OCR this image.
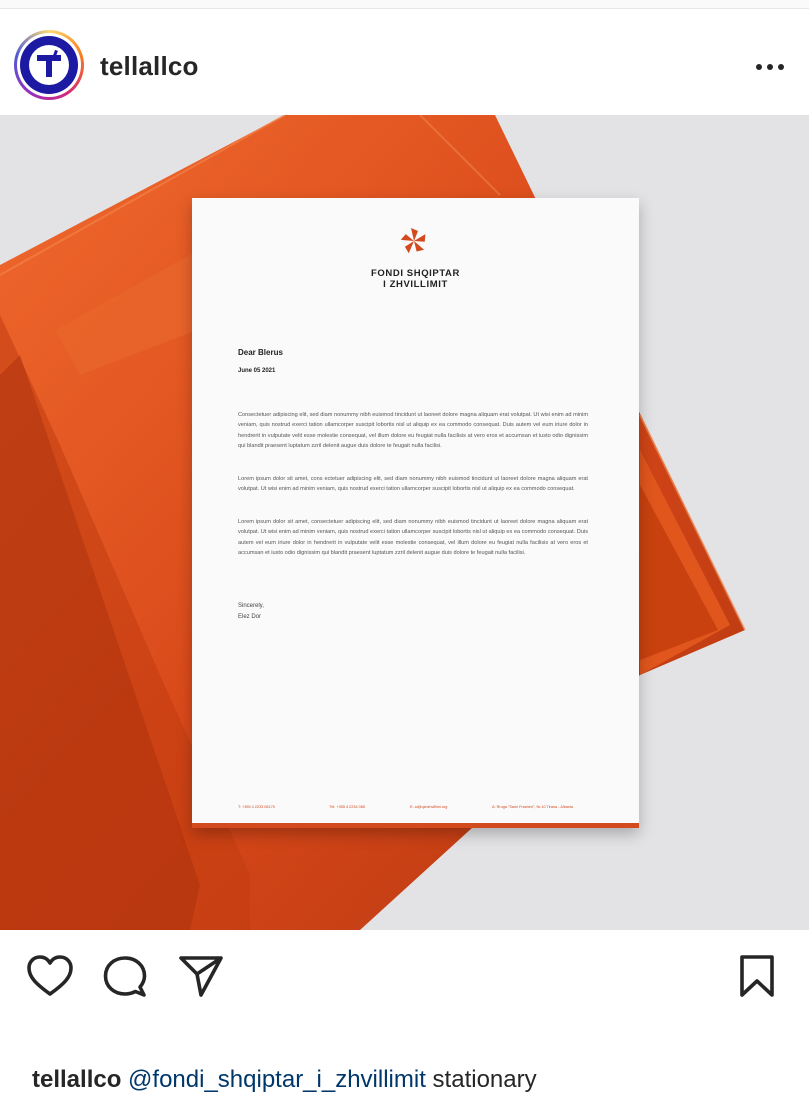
tellallco
FONDI SHQIPTAR
I ZHVILLIMIT
Dear Blerus
June 05 2021
Consectetuer adipiscing elit, sed diam nonummy nibh euismod tincidunt ut laoreet dolore magna aliquam erat volutpat. Ut wisi enim ad minim veniam, quis nostrud exerci tation ullamcorper suscipit lobortis nisl ut aliquip ex ea commodo consequat. Duis autem vel eum iriure dolor in hendrerit in vulputate velit esse molestie consequat, vel illum dolore eu feugiat nulla facilisis at vero eros et accumsan et iusto odio dignissim qui blandit praesent luptatum zzril delenit augue duis dolore te feugait nulla facilisi.
Lorem ipsum dolor sit amet, cons ectetuer adipiscing elit, sed diam nonummy nibh euismod tincidunt ut laoreet dolore magna aliquam erat volutpat. Ut wisi enim ad minim veniam, quis nostrud exerci tation ullamcorper suscipit lobortis nisl ut aliquip ex ea commodo consequat.
Lorem ipsum dolor sit amet, consectetuer adipiscing elit, sed diam nonummy nibh euismod tincidunt ut laoreet dolore magna aliquam erat volutpat. Ut wisi enim ad minim veniam, quis nostrud exerci tation ullamcorper suscipit lobortis nisl ut aliquip ex ea commodo consequat. Duis autem vel eum iriure dolor in hendrerit in vulputate velit esse molestie consequat, vel illum dolore eu feugiat nulla facilisis at vero eros et accumsan et iusto odio dignissim qui blandit praesent luptatum zzril delenit augue duis dolore te feugait nulla facilisi.
Sincerely,
Elez Dor
T: +355 4 2233 08170	Tél: +355 4 2234 085	E: ai@qshzhvillimi.org	A: Rruga "Sami Frasheri", Nr.10 Tirana - Albania
tellallco @fondi_shqiptar_i_zhvillimit stationary
